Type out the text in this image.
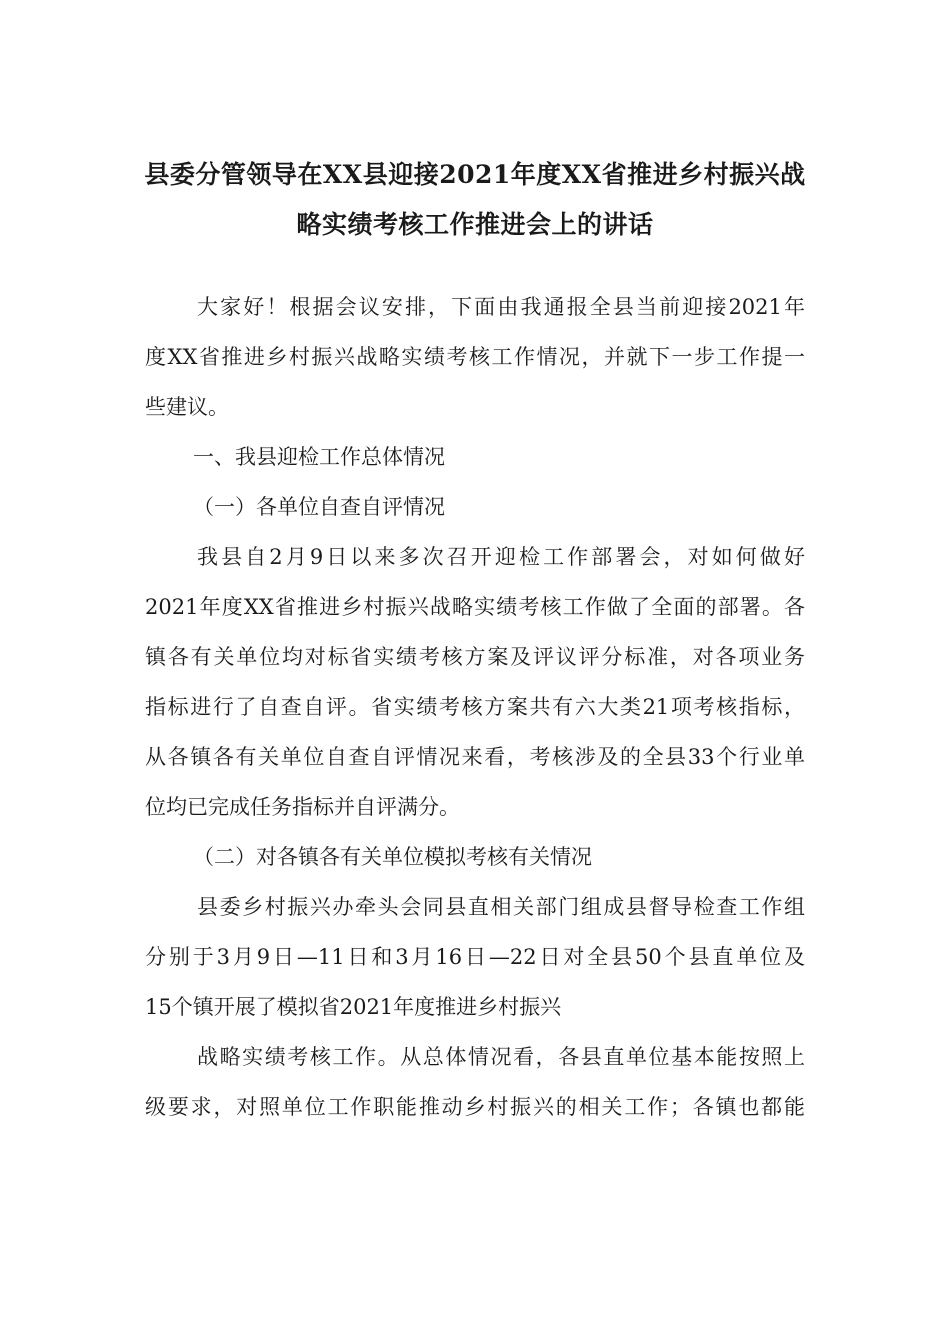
县委分管领导在XX县迎接2021年度XX省推进乡村振兴战
略实绩考核工作推进会上的讲话
大家好！根据会议安排，下面由我通报全县当前迎接2021年
度XX省推进乡村振兴战略实绩考核工作情况，并就下一步工作提一
些建议。
一、我县迎检工作总体情况
（一）各单位自查自评情况
我县自2月9日以来多次召开迎检工作部署会，对如何做好
2021年度XX省推进乡村振兴战略实绩考核工作做了全面的部署。各
镇各有关单位均对标省实绩考核方案及评议评分标准，对各项业务
指标进行了自查自评。省实绩考核方案共有六大类21项考核指标，
从各镇各有关单位自查自评情况来看，考核涉及的全县33个行业单
位均已完成任务指标并自评满分。
（二）对各镇各有关单位模拟考核有关情况
县委乡村振兴办牵头会同县直相关部门组成县督导检查工作组
分别于3月9日—11日和3月16日—22日对全县50个县直单位及
15个镇开展了模拟省2021年度推进乡村振兴
战略实绩考核工作。从总体情况看，各县直单位基本能按照上
级要求，对照单位工作职能推动乡村振兴的相关工作；各镇也都能
